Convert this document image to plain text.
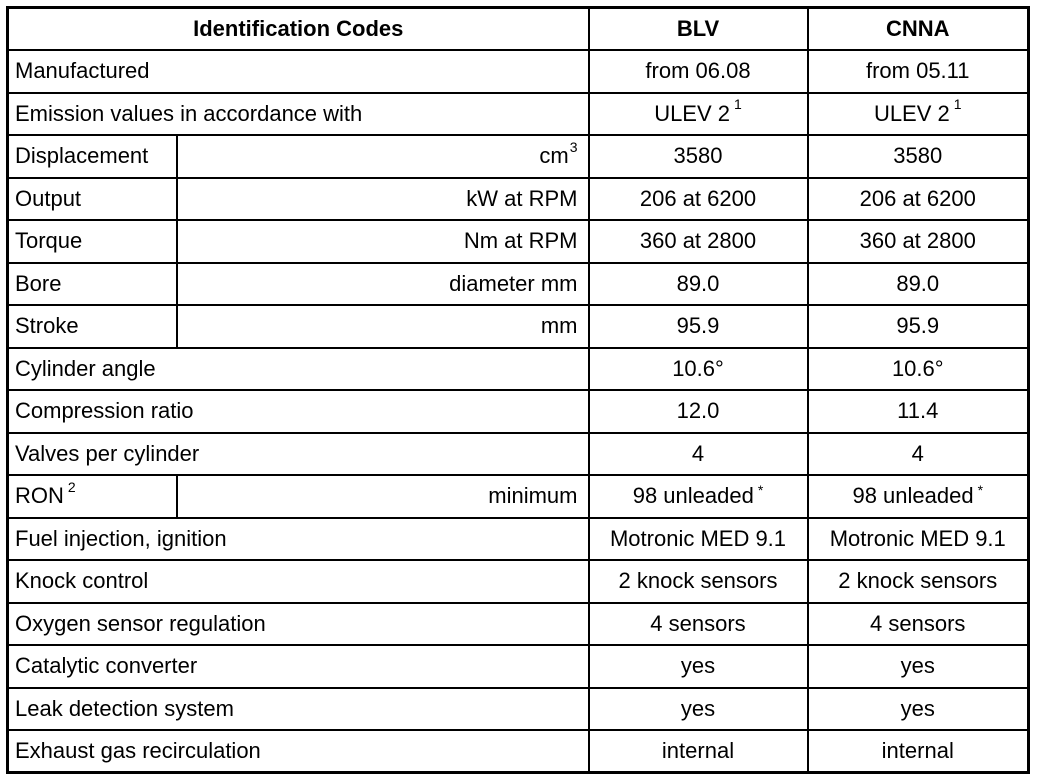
Identification Codes		BLV	CNNA
Manufactured		from 06.08	from 05.11
Emission values in accordance with		ULEV 2 $^1$	ULEV 2 $^1$
Displacement	$cm^3$	3580	3580
Output	kW at RPM	206 at 6200	206 at 6200
Torque	Nm at RPM	360 at 2800	360 at 2800
Bore	diameter mm	89.0	89.0
Stroke	mm	95.9	95.9
Cylinder angle		10.6°	10.6°
Compression ratio		12.0	11.4
Valves per cylinder		4	4
RON $^2$	minimum	98 unleaded *	98 unleaded *
Fuel injection, ignition		Motronic MED 9.1	Motronic MED 9.1
Knock control		2 knock sensors	2 knock sensors
Oxygen sensor regulation		4 sensors	4 sensors
Catalytic converter		yes	yes
Leak detection system		yes	yes
Exhaust gas recirculation		internal	internal
